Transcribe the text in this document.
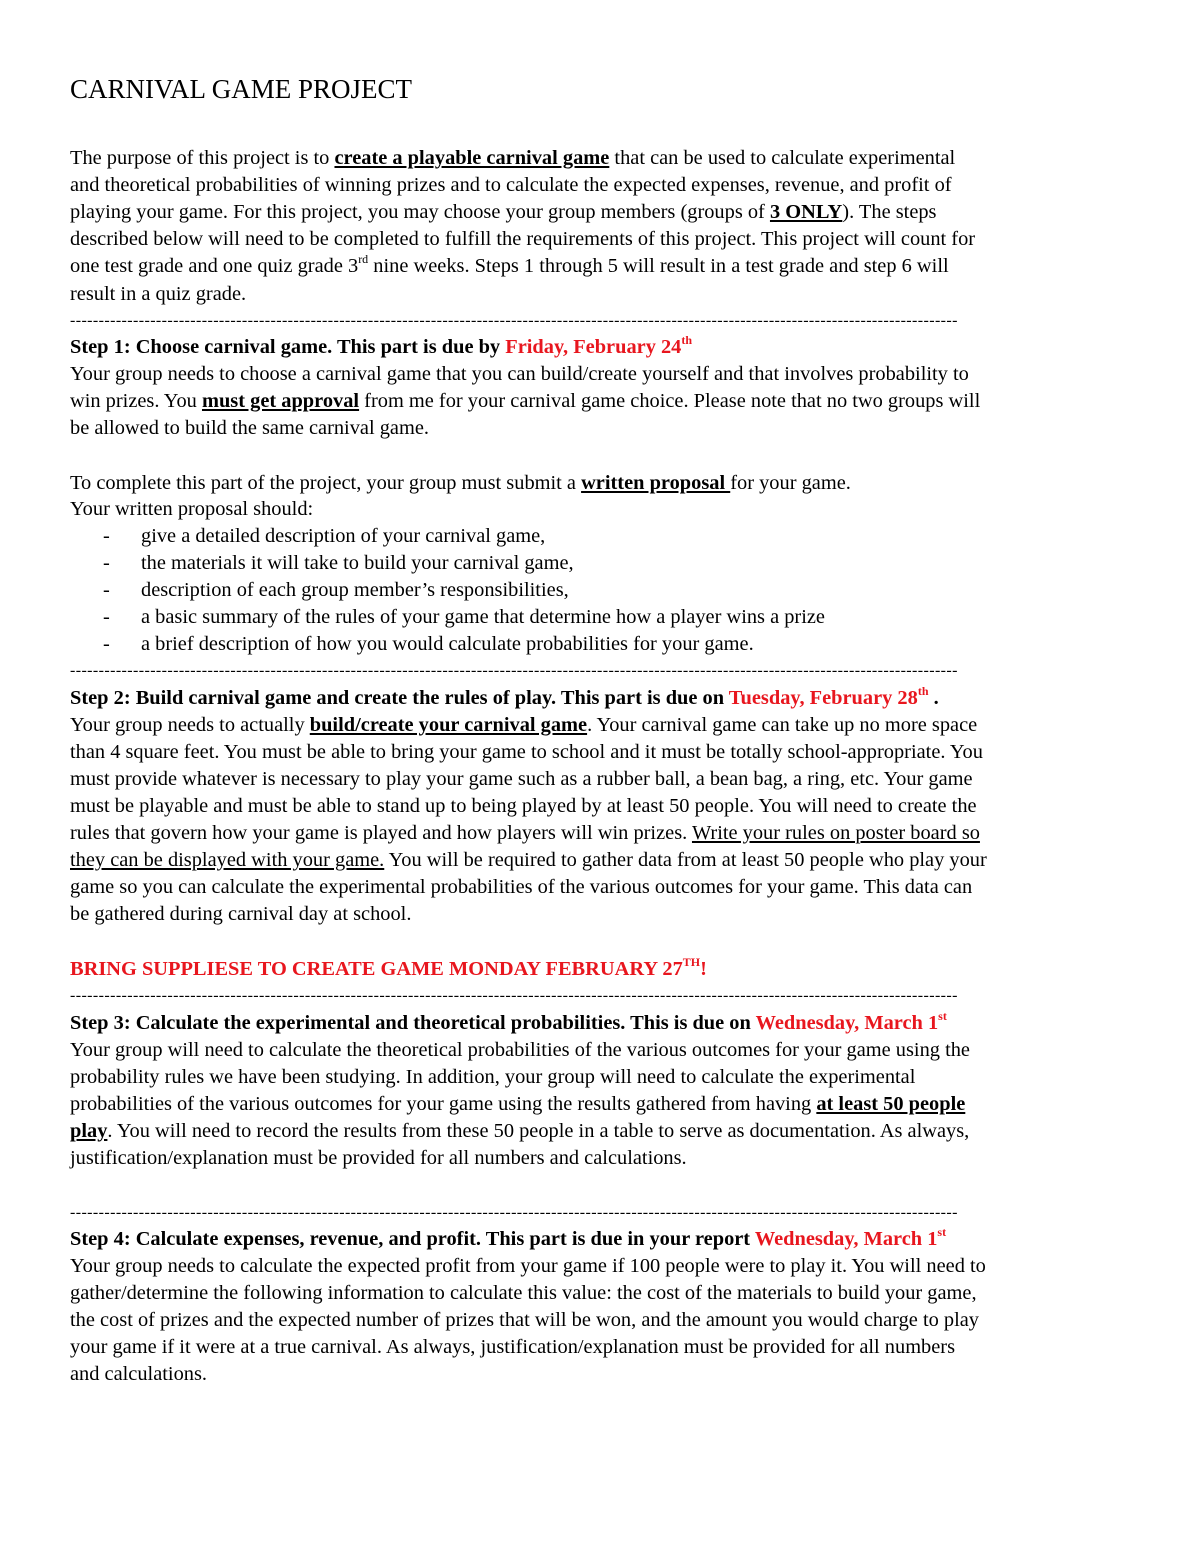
CARNIVAL GAME PROJECT
The purpose of this project is to create a playable carnival game that can be used to calculate experimental
and theoretical probabilities of winning prizes and to calculate the expected expenses, revenue, and profit of
playing your game. For this project, you may choose your group members (groups of 3 ONLY). The steps
described below will need to be completed to fulfill the requirements of this project. This project will count for
one test grade and one quiz grade 3rd nine weeks. Steps 1 through 5 will result in a test grade and step 6 will
result in a quiz grade.
-----------------------------------------------------------------------------------------------------------------------------------------------------------
Step 1: Choose carnival game. This part is due by Friday, February 24th
Your group needs to choose a carnival game that you can build/create yourself and that involves probability to
win prizes. You must get approval from me for your carnival game choice. Please note that no two groups will
be allowed to build the same carnival game.
To complete this part of the project, your group must submit a written proposal for your game.
Your written proposal should:
- give a detailed description of your carnival game,
- the materials it will take to build your carnival game,
- description of each group member’s responsibilities,
- a basic summary of the rules of your game that determine how a player wins a prize
- a brief description of how you would calculate probabilities for your game.
-----------------------------------------------------------------------------------------------------------------------------------------------------------
Step 2: Build carnival game and create the rules of play. This part is due on Tuesday, February 28th .
Your group needs to actually build/create your carnival game. Your carnival game can take up no more space
than 4 square feet. You must be able to bring your game to school and it must be totally school-appropriate. You
must provide whatever is necessary to play your game such as a rubber ball, a bean bag, a ring, etc. Your game
must be playable and must be able to stand up to being played by at least 50 people. You will need to create the
rules that govern how your game is played and how players will win prizes. Write your rules on poster board so
they can be displayed with your game. You will be required to gather data from at least 50 people who play your
game so you can calculate the experimental probabilities of the various outcomes for your game. This data can
be gathered during carnival day at school.
BRING SUPPLIESE TO CREATE GAME MONDAY FEBRUARY 27TH!
-----------------------------------------------------------------------------------------------------------------------------------------------------------
Step 3: Calculate the experimental and theoretical probabilities. This is due on Wednesday, March 1st
Your group will need to calculate the theoretical probabilities of the various outcomes for your game using the
probability rules we have been studying. In addition, your group will need to calculate the experimental
probabilities of the various outcomes for your game using the results gathered from having at least 50 people
play. You will need to record the results from these 50 people in a table to serve as documentation. As always,
justification/explanation must be provided for all numbers and calculations.
-----------------------------------------------------------------------------------------------------------------------------------------------------------
Step 4: Calculate expenses, revenue, and profit. This part is due in your report Wednesday, March 1st
Your group needs to calculate the expected profit from your game if 100 people were to play it. You will need to
gather/determine the following information to calculate this value: the cost of the materials to build your game,
the cost of prizes and the expected number of prizes that will be won, and the amount you would charge to play
your game if it were at a true carnival. As always, justification/explanation must be provided for all numbers
and calculations.
